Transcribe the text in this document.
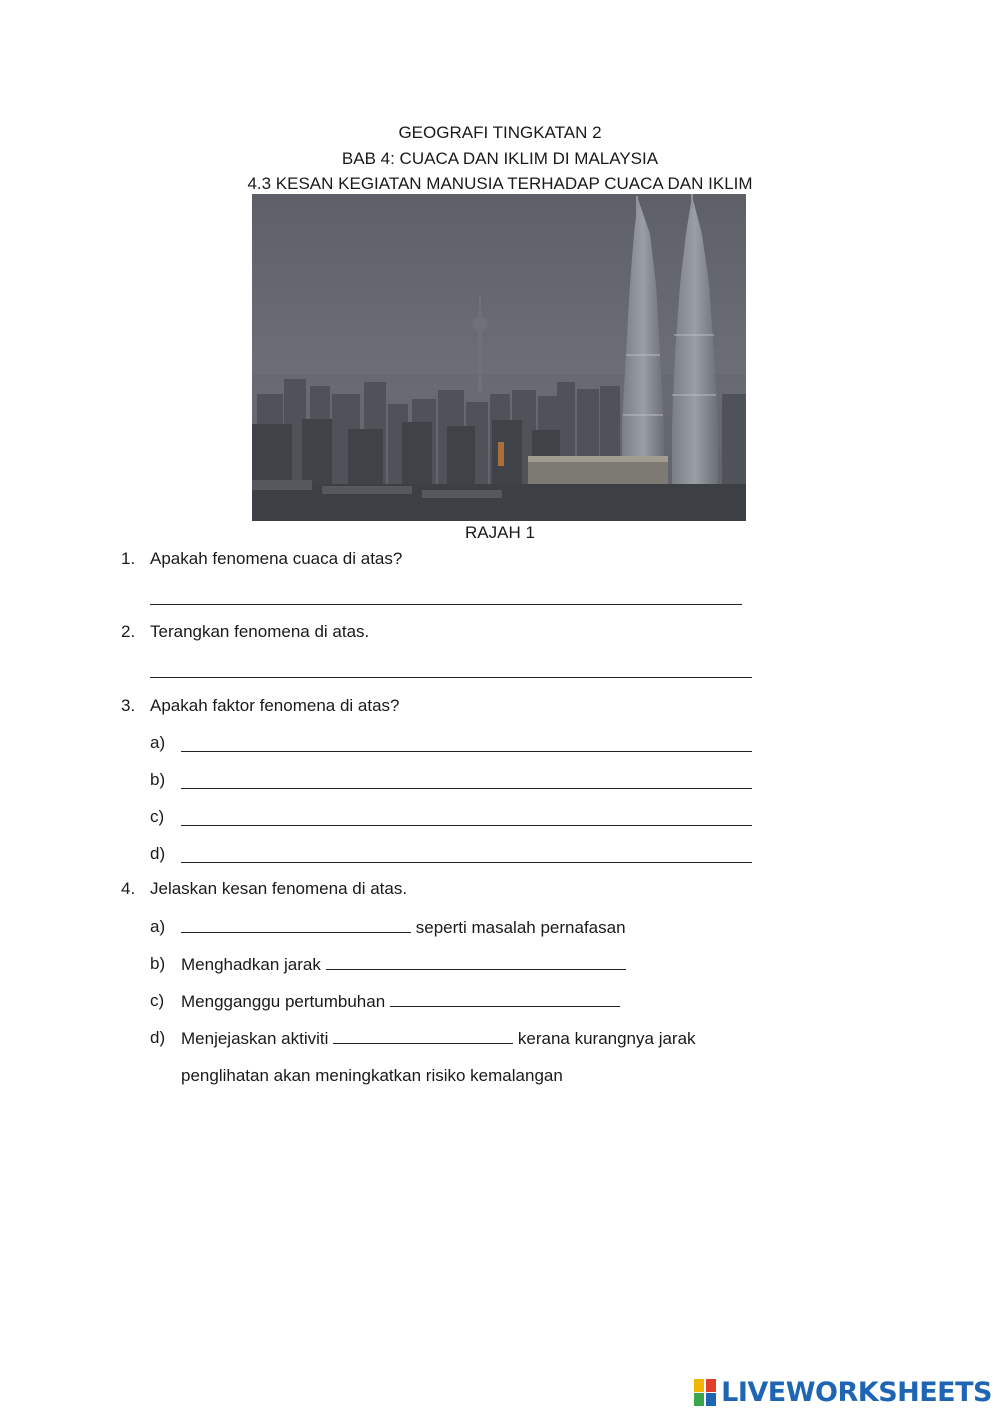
GEOGRAFI TINGKATAN 2
BAB 4: CUACA DAN IKLIM DI MALAYSIA
4.3 KESAN KEGIATAN MANUSIA TERHADAP CUACA DAN IKLIM
RAJAH 1
1. Apakah fenomena cuaca di atas?
2. Terangkan fenomena di atas.
3. Apakah faktor fenomena di atas?
a)
b)
c)
d)
4. Jelaskan kesan fenomena di atas.
a)	seperti masalah pernafasan
b) Menghadkan jarak
c) Mengganggu pertumbuhan
d) Menjejaskan aktiviti	kerana kurangnya jarak
penglihatan akan meningkatkan risiko kemalangan
LIVEWORKSHEETS
